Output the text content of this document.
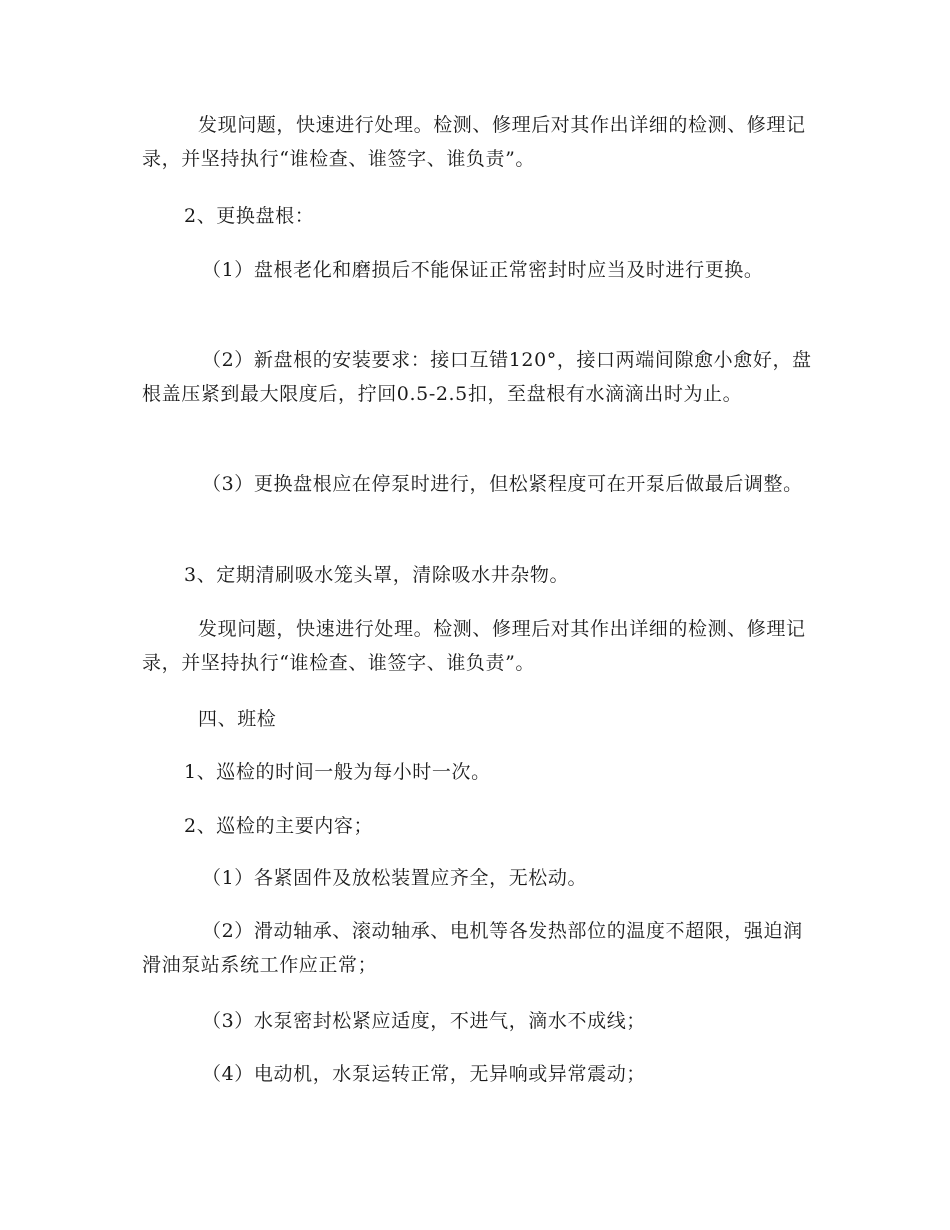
发现问题，快速进行处理。检测、修理后对其作出详细的检测、修理记录，并坚持执行“谁检查、谁签字、谁负责”。

2、更换盘根：

（1）盘根老化和磨损后不能保证正常密封时应当及时进行更换。

（2）新盘根的安装要求：接口互错120°，接口两端间隙愈小愈好，盘根盖压紧到最大限度后，拧回0.5-2.5扣，至盘根有水滴滴出时为止。

（3）更换盘根应在停泵时进行，但松紧程度可在开泵后做最后调整。

3、定期清刷吸水笼头罩，清除吸水井杂物。

发现问题，快速进行处理。检测、修理后对其作出详细的检测、修理记录，并坚持执行“谁检查、谁签字、谁负责”。

四、班检

1、巡检的时间一般为每小时一次。

2、巡检的主要内容；

（1）各紧固件及放松装置应齐全，无松动。

（2）滑动轴承、滚动轴承、电机等各发热部位的温度不超限，强迫润滑油泵站系统工作应正常；

（3）水泵密封松紧应适度，不进气，滴水不成线；

（4）电动机，水泵运转正常，无异响或异常震动；
